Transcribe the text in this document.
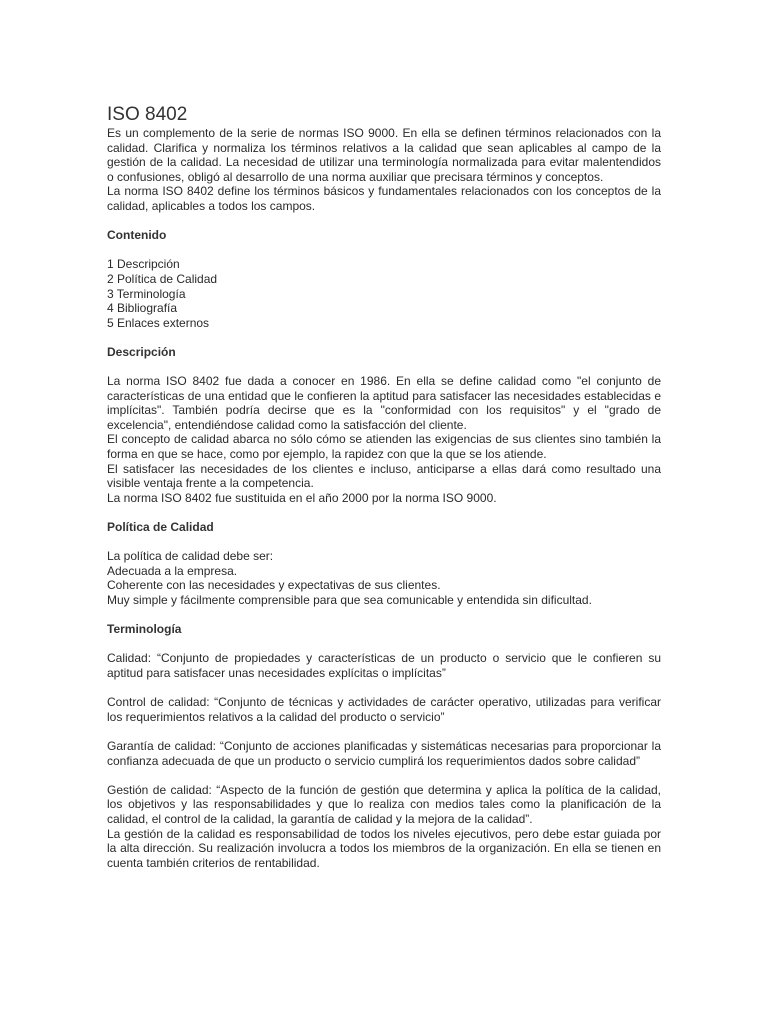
ISO 8402

Es un complemento de la serie de normas ISO 9000. En ella se definen términos relacionados con la calidad. Clarifica y normaliza los términos relativos a la calidad que sean aplicables al campo de la gestión de la calidad. La necesidad de utilizar una terminología normalizada para evitar malentendidos o confusiones, obligó al desarrollo de una norma auxiliar que precisara términos y conceptos.

La norma ISO 8402 define los términos básicos y fundamentales relacionados con los conceptos de la calidad, aplicables a todos los campos.

Contenido
1 Descripción
2 Política de Calidad
3 Terminología
4 Bibliografía
5 Enlaces externos
Descripción

La norma ISO 8402 fue dada a conocer en 1986. En ella se define calidad como "el conjunto de características de una entidad que le confieren la aptitud para satisfacer las necesidades establecidas e implícitas". También podría decirse que es la "conformidad con los requisitos" y el "grado de excelencia", entendiéndose calidad como la satisfacción del cliente.

El concepto de calidad abarca no sólo cómo se atienden las exigencias de sus clientes sino también la forma en que se hace, como por ejemplo, la rapidez con que la que se los atiende.

El satisfacer las necesidades de los clientes e incluso, anticiparse a ellas dará como resultado una visible ventaja frente a la competencia.

La norma ISO 8402 fue sustituida en el año 2000 por la norma ISO 9000.

Política de Calidad
La política de calidad debe ser:
Adecuada a la empresa.
Coherente con las necesidades y expectativas de sus clientes.
Muy simple y fácilmente comprensible para que sea comunicable y entendida sin dificultad.
Terminología

Calidad: “Conjunto de propiedades y características de un producto o servicio que le confieren su aptitud para satisfacer unas necesidades explícitas o implícitas”

Control de calidad: “Conjunto de técnicas y actividades de carácter operativo, utilizadas para verificar los requerimientos relativos a la calidad del producto o servicio”

Garantía de calidad: “Conjunto de acciones planificadas y sistemáticas necesarias para proporcionar la confianza adecuada de que un producto o servicio cumplirá los requerimientos dados sobre calidad”

Gestión de calidad: “Aspecto de la función de gestión que determina y aplica la política de la calidad, los objetivos y las responsabilidades y que lo realiza con medios tales como la planificación de la calidad, el control de la calidad, la garantía de calidad y la mejora de la calidad”.

La gestión de la calidad es responsabilidad de todos los niveles ejecutivos, pero debe estar guiada por la alta dirección. Su realización involucra a todos los miembros de la organización. En ella se tienen en cuenta también criterios de rentabilidad.
